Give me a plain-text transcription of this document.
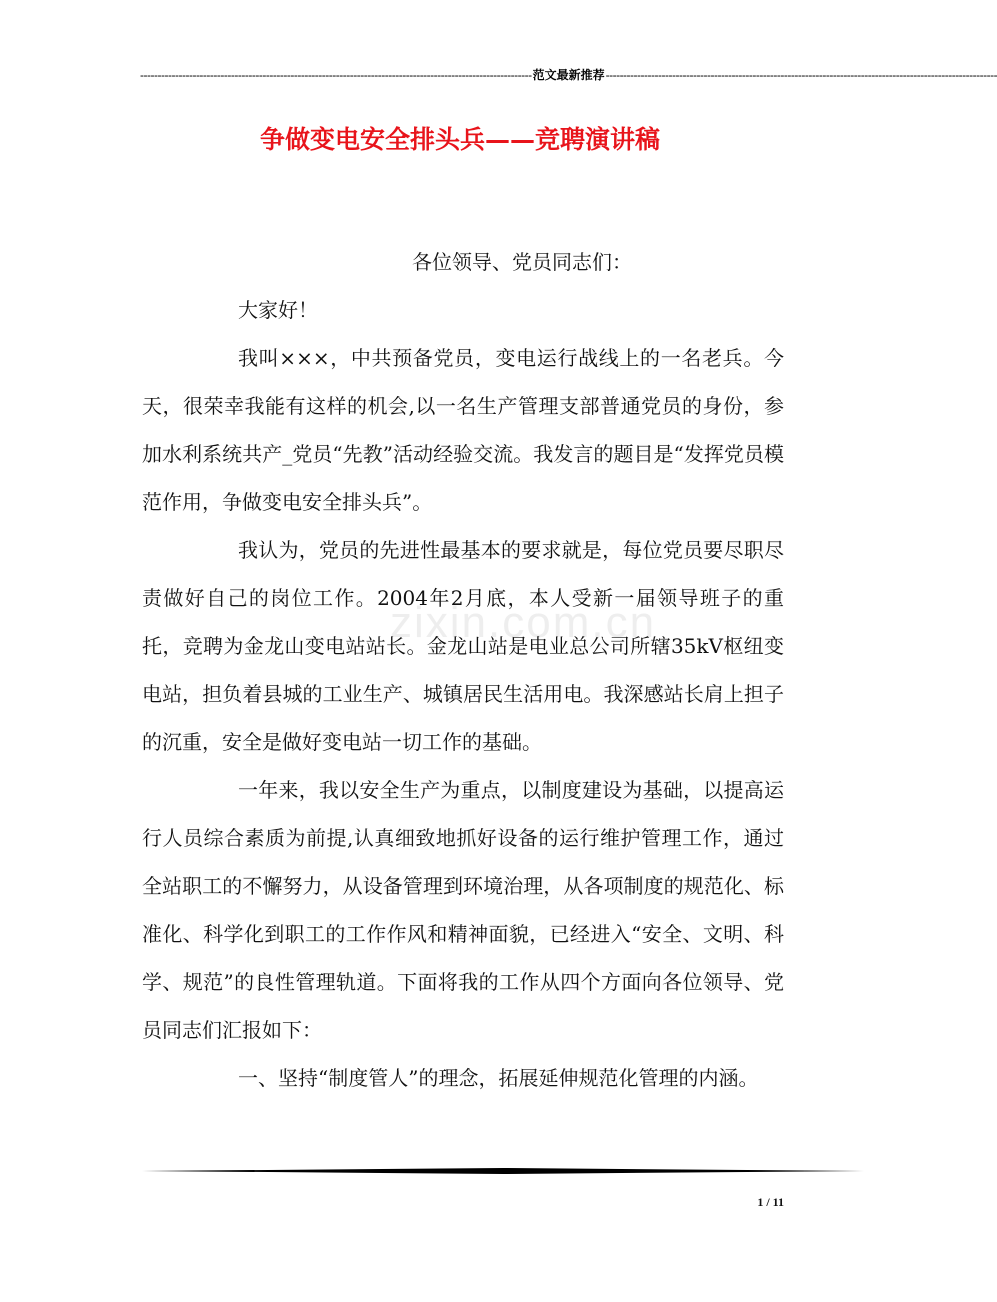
---------------------------------------------------------------------------------------------------------------- 范文最新推荐 ----------------------------------------------------------------------------------------------------------------
争做变电安全排头兵——竞聘演讲稿
zixin.com.cn

各位领导、党员同志们：

大家好！

我叫×××，中共预备党员，变电运行战线上的一名老兵。今天，很荣幸我能有这样的机会,以一名生产管理支部普通党员的身份，参加水利系统共产_党员“先教”活动经验交流。我发言的题目是“发挥党员模范作用，争做变电安全排头兵”。

我认为，党员的先进性最基本的要求就是，每位党员要尽职尽责做好自己的岗位工作。2004年2月底，本人受新一届领导班子的重托，竞聘为金龙山变电站站长。金龙山站是电业总公司所辖35kV枢纽变电站，担负着县城的工业生产、城镇居民生活用电。我深感站长肩上担子的沉重，安全是做好变电站一切工作的基础。

一年来，我以安全生产为重点，以制度建设为基础，以提高运行人员综合素质为前提,认真细致地抓好设备的运行维护管理工作，通过全站职工的不懈努力，从设备管理到环境治理，从各项制度的规范化、标准化、科学化到职工的工作作风和精神面貌，已经进入“安全、文明、科学、规范”的良性管理轨道。下面将我的工作从四个方面向各位领导、党员同志们汇报如下：

一、坚持“制度管人”的理念，拓展延伸规范化管理的内涵。

1 / 11
